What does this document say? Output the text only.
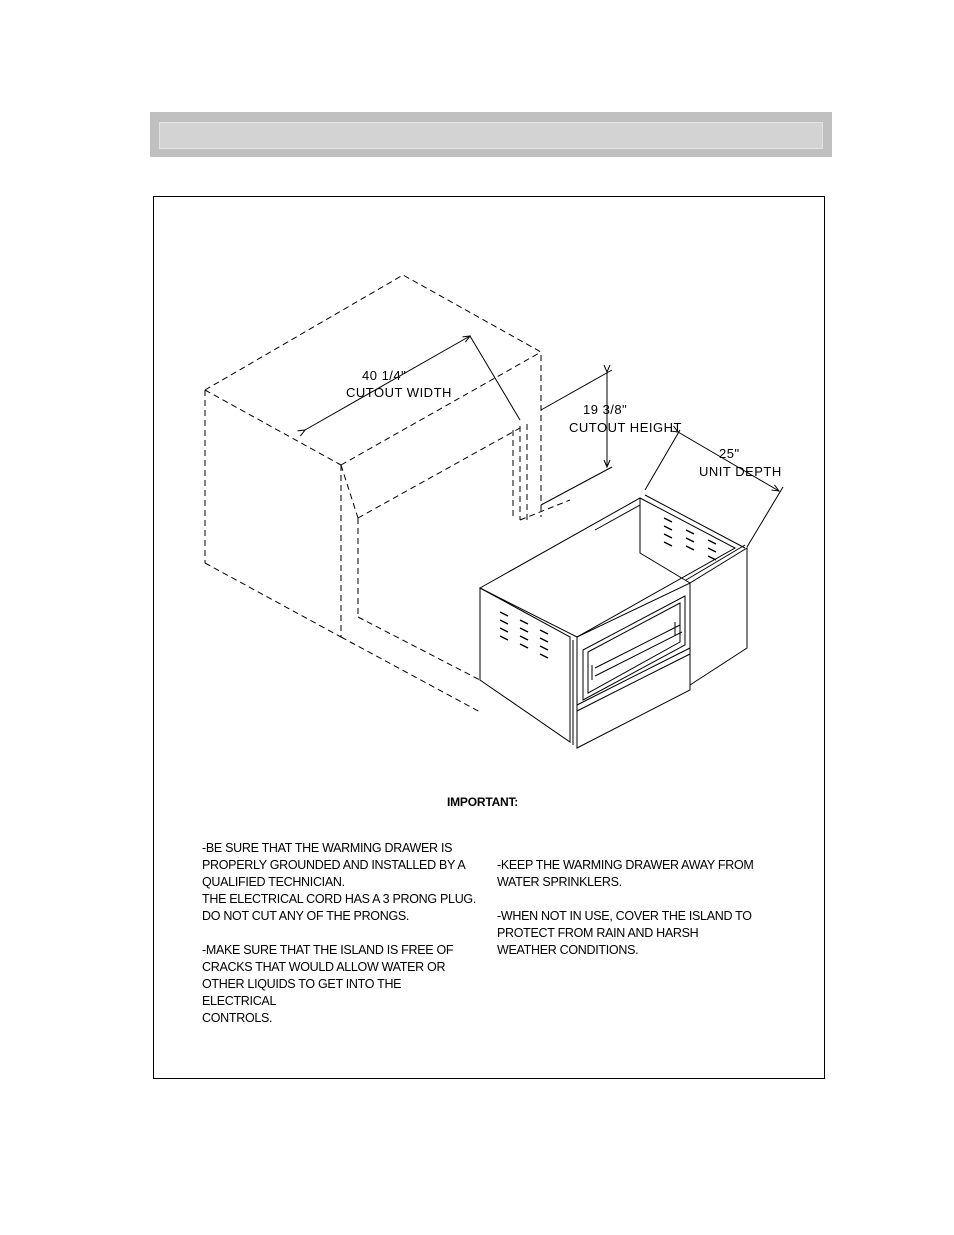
40 1/4"
CUTOUT WIDTH
19 3/8"
CUTOUT HEIGHT
25"
UNIT DEPTH
IMPORTANT:

-BE SURE THAT THE WARMING DRAWER IS

PROPERLY GROUNDED AND INSTALLED BY A

QUALIFIED TECHNICIAN.

THE ELECTRICAL CORD HAS A 3 PRONG PLUG.

DO NOT CUT ANY OF THE PRONGS.

-MAKE SURE THAT THE ISLAND IS FREE OF

CRACKS THAT WOULD ALLOW WATER OR

OTHER LIQUIDS TO GET INTO THE ELECTRICAL

CONTROLS.

-KEEP THE WARMING DRAWER AWAY FROM

WATER SPRINKLERS.

-WHEN NOT IN USE, COVER THE ISLAND TO

PROTECT FROM RAIN AND HARSH

WEATHER CONDITIONS.
